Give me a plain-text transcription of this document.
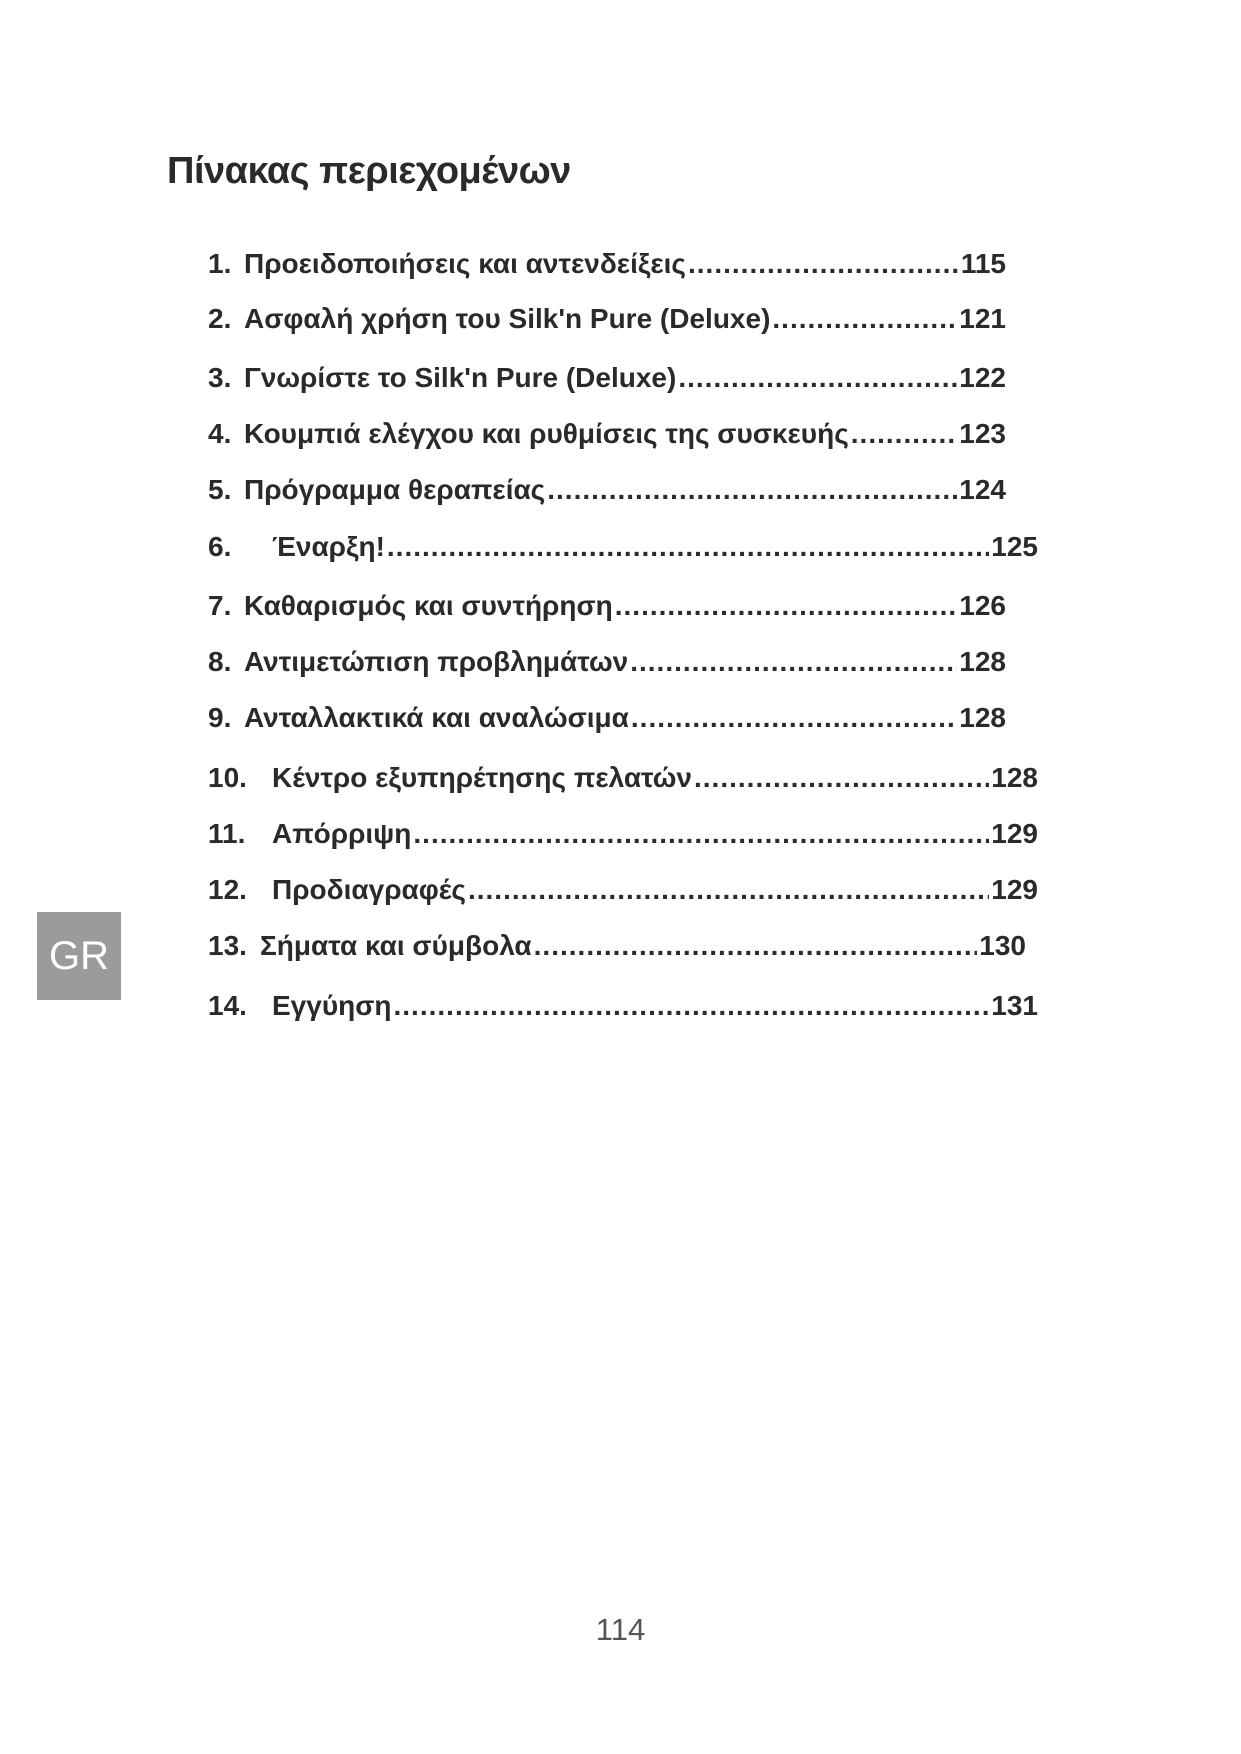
Πίνακας περιεχομένων
1. Προειδοποιήσεις και αντενδείξεις .....	115
2. Ασφαλή χρήση του Silk'n Pure (Deluxe) .....	121
3. Γνωρίστε το Silk'n Pure (Deluxe) .....	122
4. Κουμπιά ελέγχου και ρυθμίσεις της συσκευής .....	123
5. Πρόγραμμα θεραπείας .....	124
6.	Έναρξη! .....	125
7. Καθαρισμός και συντήρηση .....	126
8. Αντιμετώπιση προβλημάτων .....	128
9. Ανταλλακτικά και αναλώσιμα .....	128
10. Κέντρο εξυπηρέτησης πελατών .....	128
11. Απόρριψη .....	129
12. Προδιαγραφές .....	129
13. Σήματα και σύμβολα .....	130
14. Εγγύηση .....	131
GR
114
